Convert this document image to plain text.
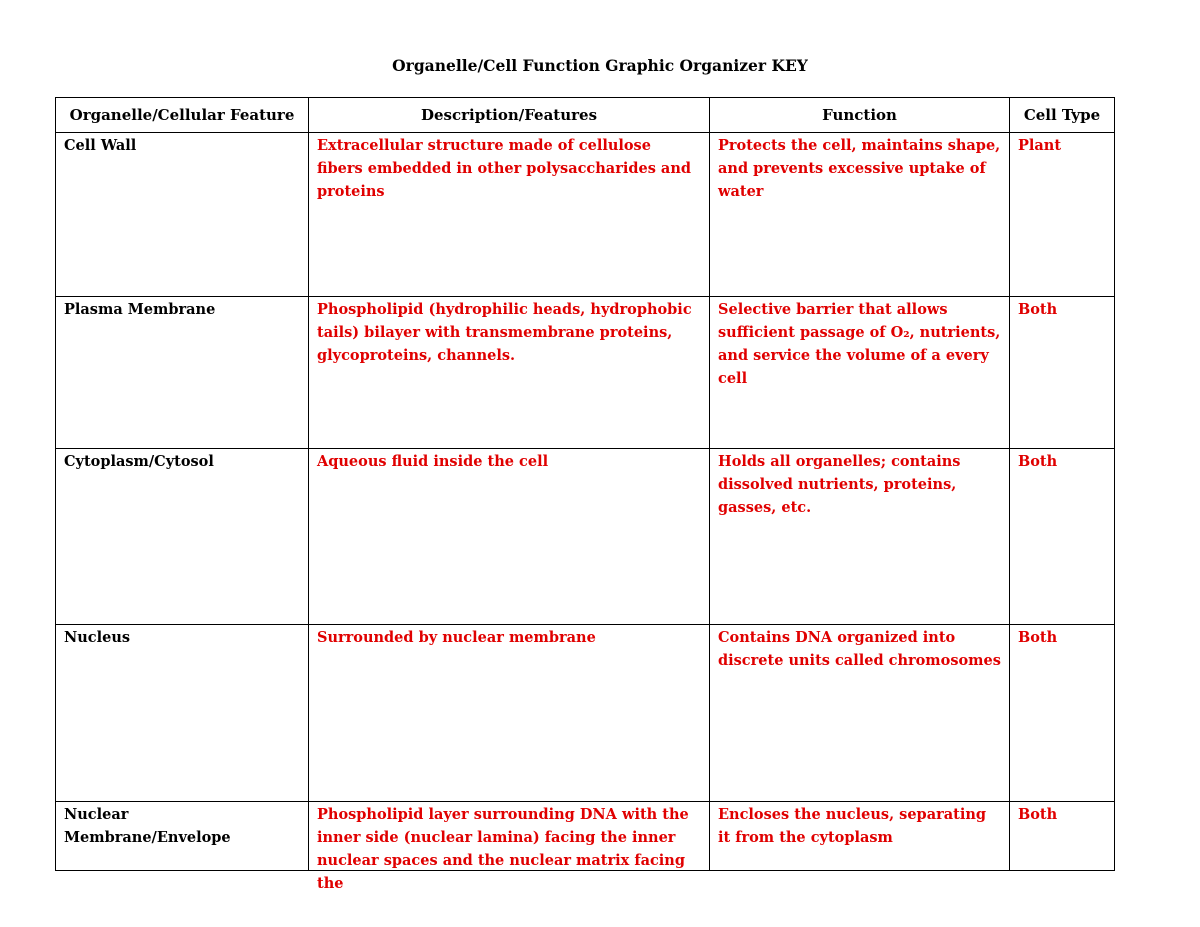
Organelle/Cell Function Graphic Organizer KEY
Organelle/Cellular Feature	Description/Features	Function	Cell Type
Cell Wall	Extracellular structure made of cellulose fibers embedded in other polysaccharides and proteins	Protects the cell, maintains shape, and prevents excessive uptake of water	Plant
Plasma Membrane	Phospholipid (hydrophilic heads, hydrophobic tails) bilayer with transmembrane proteins, glycoproteins, channels.	Selective barrier that allows sufficient passage of O₂, nutrients, and service the volume of a every cell	Both
Cytoplasm/Cytosol	Aqueous fluid inside the cell	Holds all organelles; contains dissolved nutrients, proteins, gasses, etc.	Both
Nucleus	Surrounded by nuclear membrane	Contains DNA organized into discrete units called chromosomes	Both

Nuclear Membrane/Envelope	Phospholipid layer surrounding DNA with the inner side (nuclear lamina) facing the inner nuclear spaces and the nuclear matrix facing the	Encloses the nucleus, separating it from the cytoplasm	Both
